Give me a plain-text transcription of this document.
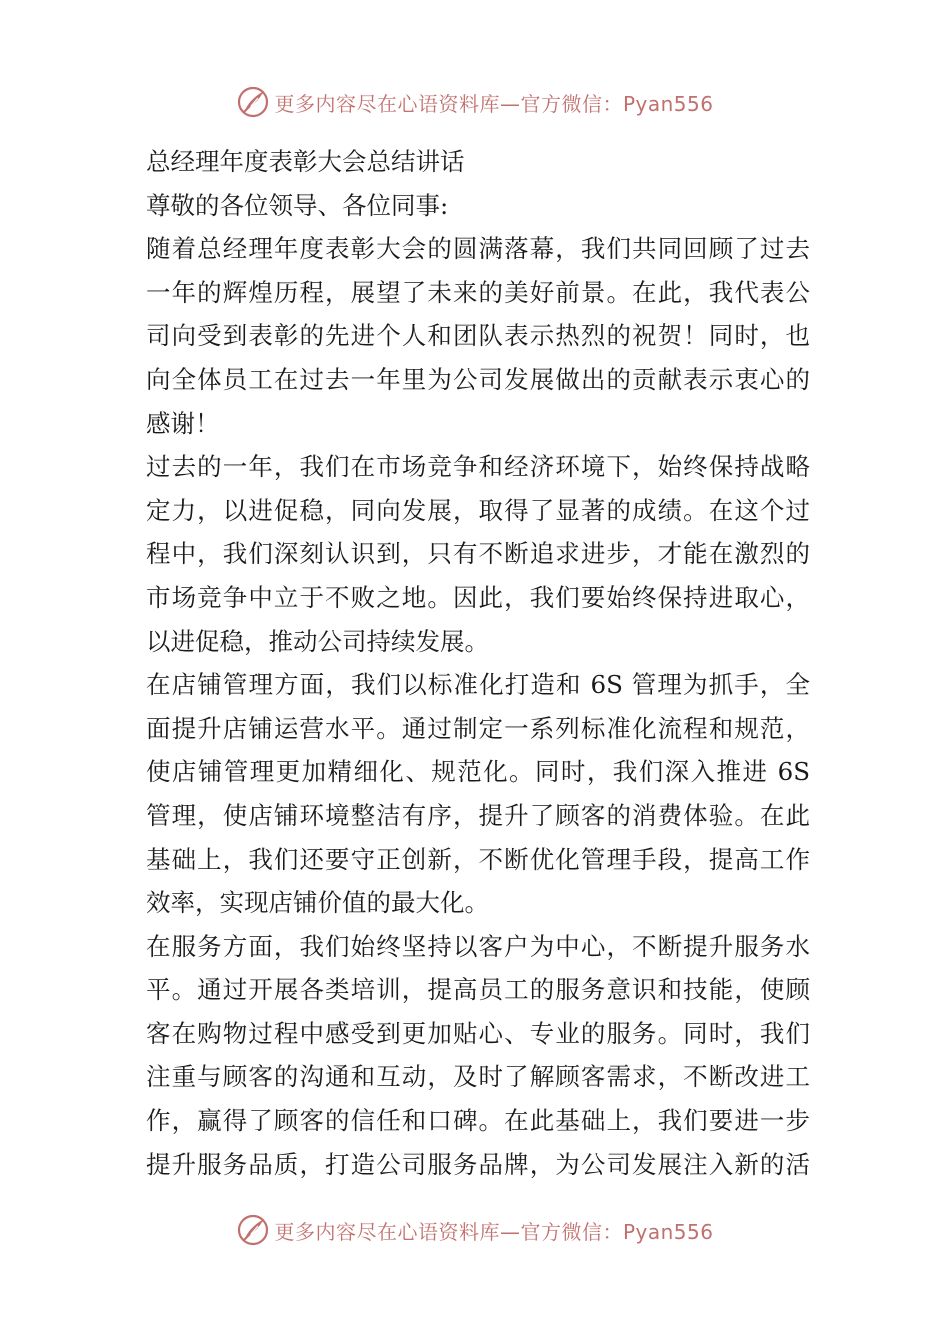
更多内容尽在心语资料库—官方微信：Pyan556
总经理年度表彰大会总结讲话
尊敬的各位领导、各位同事:
随着总经理年度表彰大会的圆满落幕，我们共同回顾了过去
一年的辉煌历程，展望了未来的美好前景。在此，我代表公
司向受到表彰的先进个人和团队表示热烈的祝贺！同时，也
向全体员工在过去一年里为公司发展做出的贡献表示衷心的
感谢！
过去的一年，我们在市场竞争和经济环境下，始终保持战略
定力，以进促稳，同向发展，取得了显著的成绩。在这个过
程中，我们深刻认识到，只有不断追求进步，才能在激烈的
市场竞争中立于不败之地。因此，我们要始终保持进取心，
以进促稳，推动公司持续发展。
在店铺管理方面，我们以标准化打造和 6S 管理为抓手，全
面提升店铺运营水平。通过制定一系列标准化流程和规范，
使店铺管理更加精细化、规范化。同时，我们深入推进 6S
管理，使店铺环境整洁有序，提升了顾客的消费体验。在此
基础上，我们还要守正创新，不断优化管理手段，提高工作
效率，实现店铺价值的最大化。
在服务方面，我们始终坚持以客户为中心，不断提升服务水
平。通过开展各类培训，提高员工的服务意识和技能，使顾
客在购物过程中感受到更加贴心、专业的服务。同时，我们
注重与顾客的沟通和互动，及时了解顾客需求，不断改进工
作，赢得了顾客的信任和口碑。在此基础上，我们要进一步
提升服务品质，打造公司服务品牌，为公司发展注入新的活
更多内容尽在心语资料库—官方微信：Pyan556
